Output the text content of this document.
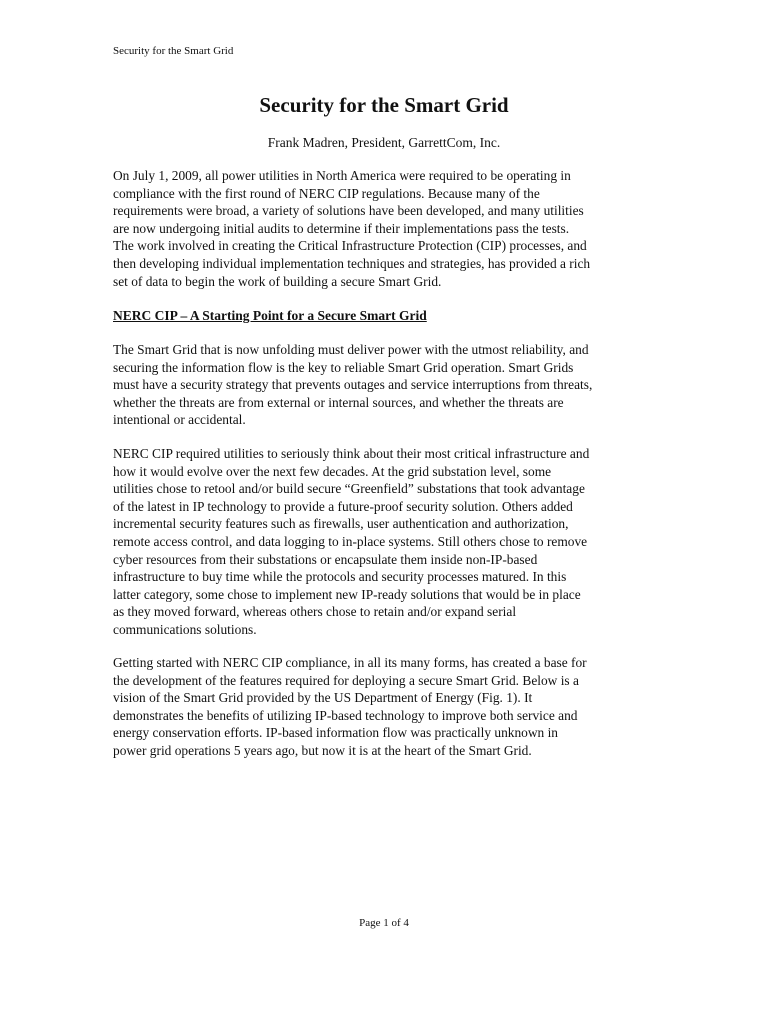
Security for the Smart Grid
Security for the Smart Grid
Frank Madren, President, GarrettCom, Inc.
On July 1, 2009, all power utilities in North America were required to be operating in
compliance with the first round of NERC CIP regulations. Because many of the
requirements were broad, a variety of solutions have been developed, and many utilities
are now undergoing initial audits to determine if their implementations pass the tests.
The work involved in creating the Critical Infrastructure Protection (CIP) processes, and
then developing individual implementation techniques and strategies, has provided a rich
set of data to begin the work of building a secure Smart Grid.
NERC CIP – A Starting Point for a Secure Smart Grid
The Smart Grid that is now unfolding must deliver power with the utmost reliability, and
securing the information flow is the key to reliable Smart Grid operation. Smart Grids
must have a security strategy that prevents outages and service interruptions from threats,
whether the threats are from external or internal sources, and whether the threats are
intentional or accidental.
NERC CIP required utilities to seriously think about their most critical infrastructure and
how it would evolve over the next few decades. At the grid substation level, some
utilities chose to retool and/or build secure “Greenfield” substations that took advantage
of the latest in IP technology to provide a future-proof security solution. Others added
incremental security features such as firewalls, user authentication and authorization,
remote access control, and data logging to in-place systems. Still others chose to remove
cyber resources from their substations or encapsulate them inside non-IP-based
infrastructure to buy time while the protocols and security processes matured. In this
latter category, some chose to implement new IP-ready solutions that would be in place
as they moved forward, whereas others chose to retain and/or expand serial
communications solutions.
Getting started with NERC CIP compliance, in all its many forms, has created a base for
the development of the features required for deploying a secure Smart Grid. Below is a
vision of the Smart Grid provided by the US Department of Energy (Fig. 1). It
demonstrates the benefits of utilizing IP-based technology to improve both service and
energy conservation efforts. IP-based information flow was practically unknown in
power grid operations 5 years ago, but now it is at the heart of the Smart Grid.
Page 1 of 4
